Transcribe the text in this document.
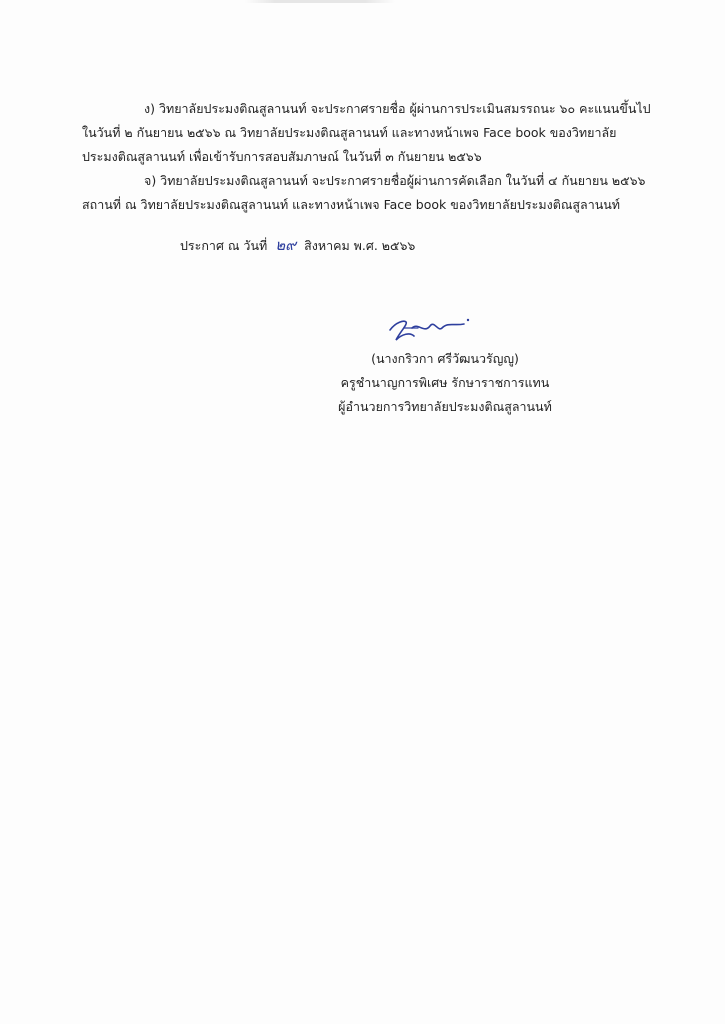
ง) วิทยาลัยประมงติณสูลานนท์ จะประกาศรายชื่อ ผู้ผ่านการประเมินสมรรถนะ ๖๐ คะแนนขึ้นไป
ในวันที่ ๒ กันยายน ๒๕๖๖ ณ วิทยาลัยประมงติณสูลานนท์ และทางหน้าเพจ Face book ของวิทยาลัย
ประมงติณสูลานนท์ เพื่อเข้ารับการสอบสัมภาษณ์ ในวันที่ ๓ กันยายน ๒๕๖๖
จ) วิทยาลัยประมงติณสูลานนท์ จะประกาศรายชื่อผู้ผ่านการคัดเลือก ในวันที่ ๔ กันยายน ๒๕๖๖
สถานที่ ณ วิทยาลัยประมงติณสูลานนท์ และทางหน้าเพจ Face book ของวิทยาลัยประมงติณสูลานนท์
ประกาศ ณ วันที่ ๒๙ สิงหาคม พ.ศ. ๒๕๖๖
(นางกริวกา ศรีวัฒนวรัญญู)
ครูชำนาญการพิเศษ รักษาราชการแทน
ผู้อำนวยการวิทยาลัยประมงติณสูลานนท์
